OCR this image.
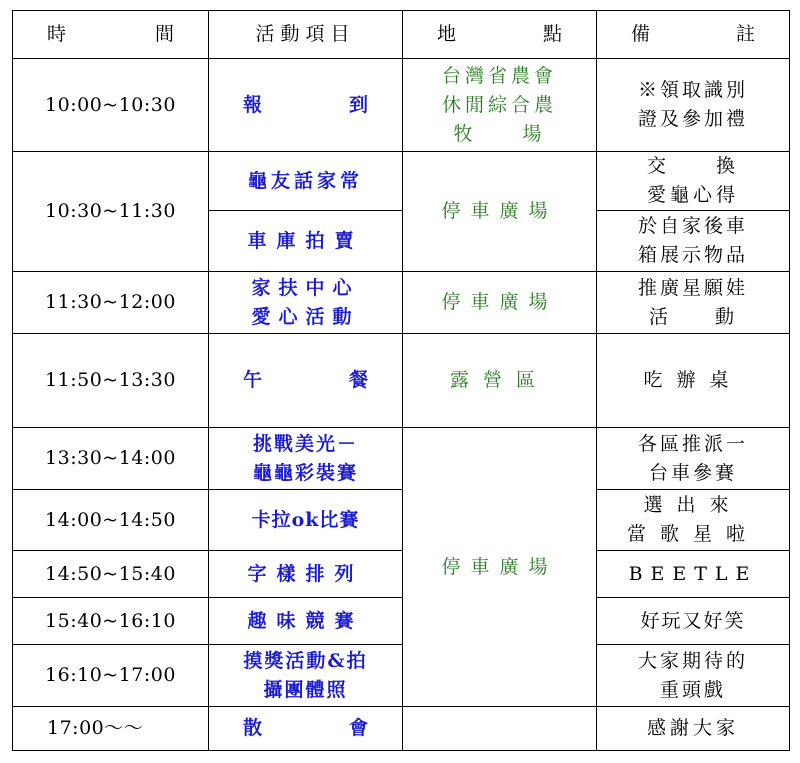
時 間	活動項目	地 點	備 註

10:00~10:30	報 到	台灣省農會
休閒綜合農
牧　　場	※領取識別
證及參加禮

10:30~11:30	龜友話家常	停車廣場	交　　換
愛龜心得

	車庫拍賣		於自家後車
箱展示物品

11:30~12:00	家扶中心
愛心活動	停車廣場	推廣星願娃
活　　動

11:50~13:30	午 餐	露營區	吃辦桌
13:30~14:00	挑戰美光－
龜龜彩裝賽	停車廣場	各區推派一
台車參賽

14:00~14:50	卡拉ok比賽		選出來
當歌星啦

14:50~15:40	字樣排列		BEETLE
15:40~16:10	趣味競賽		好玩又好笑
16:10~17:00	摸獎活動&拍
攝團體照		大家期待的
重頭戲

17:00～～	散 會		感謝大家
